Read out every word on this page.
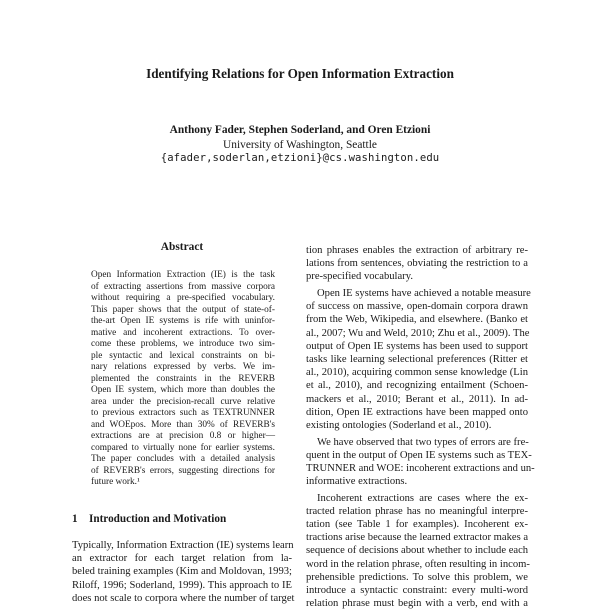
Identifying Relations for Open Information Extraction
Anthony Fader, Stephen Soderland, and Oren Etzioni
University of Washington, Seattle
{afader,soderlan,etzioni}@cs.washington.edu
Abstract
Open Information Extraction (IE) is the task
of extracting assertions from massive corpora
without requiring a pre-specified vocabulary.
This paper shows that the output of state-of-
the-art Open IE systems is rife with uninfor-
mative and incoherent extractions. To over-
come these problems, we introduce two sim-
ple syntactic and lexical constraints on bi-
nary relations expressed by verbs. We im-
plemented the constraints in the REVERB
Open IE system, which more than doubles the
area under the precision-recall curve relative
to previous extractors such as TEXTRUNNER
and WOEpos. More than 30% of REVERB's
extractions are at precision 0.8 or higher—
compared to virtually none for earlier systems.
The paper concludes with a detailed analysis
of REVERB's errors, suggesting directions for
future work.¹
1 Introduction and Motivation
Typically, Information Extraction (IE) systems learn
an extractor for each target relation from la-
beled training examples (Kim and Moldovan, 1993;
Riloff, 1996; Soderland, 1999). This approach to IE
does not scale to corpora where the number of target
tion phrases enables the extraction of arbitrary re-
lations from sentences, obviating the restriction to a
pre-specified vocabulary.
Open IE systems have achieved a notable measure
of success on massive, open-domain corpora drawn
from the Web, Wikipedia, and elsewhere. (Banko et
al., 2007; Wu and Weld, 2010; Zhu et al., 2009). The
output of Open IE systems has been used to support
tasks like learning selectional preferences (Ritter et
al., 2010), acquiring common sense knowledge (Lin
et al., 2010), and recognizing entailment (Schoen-
mackers et al., 2010; Berant et al., 2011). In ad-
dition, Open IE extractions have been mapped onto
existing ontologies (Soderland et al., 2010).
We have observed that two types of errors are fre-
quent in the output of Open IE systems such as TEX-
TRUNNER and WOE: incoherent extractions and un-
informative extractions.
Incoherent extractions are cases where the ex-
tracted relation phrase has no meaningful interpre-
tation (see Table 1 for examples). Incoherent ex-
tractions arise because the learned extractor makes a
sequence of decisions about whether to include each
word in the relation phrase, often resulting in incom-
prehensible predictions. To solve this problem, we
introduce a syntactic constraint: every multi-word
relation phrase must begin with a verb, end with a
